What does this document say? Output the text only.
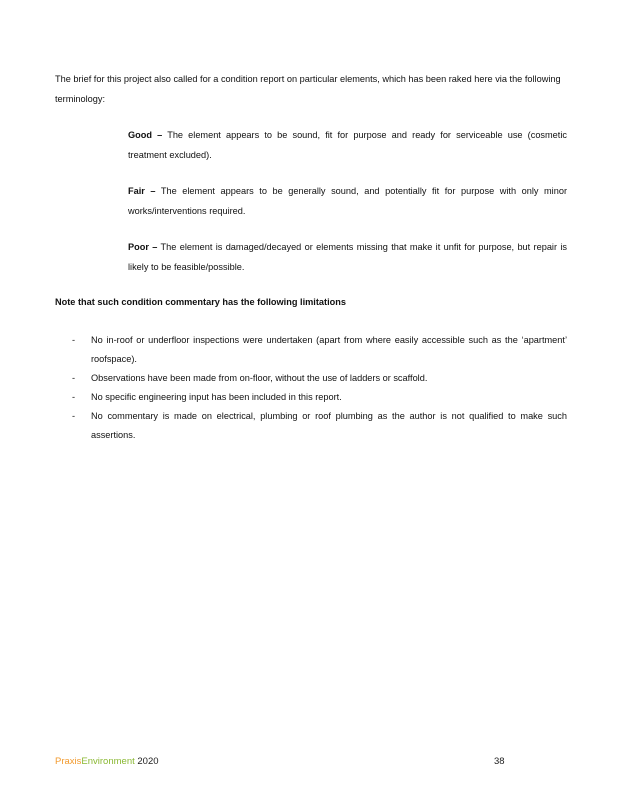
The brief for this project also called for a condition report on particular elements, which has been raked here via the following terminology:

Good – The element appears to be sound, fit for purpose and ready for serviceable use (cosmetic treatment excluded).

Fair – The element appears to be generally sound, and potentially fit for purpose with only minor works/interventions required.

Poor – The element is damaged/decayed or elements missing that make it unfit for purpose, but repair is likely to be feasible/possible.

Note that such condition commentary has the following limitations

- No in-roof or underfloor inspections were undertaken (apart from where easily accessible such as the ‘apartment’ roofspace).
- Observations have been made from on-floor, without the use of ladders or scaffold.
- No specific engineering input has been included in this report.
- No commentary is made on electrical, plumbing or roof plumbing as the author is not qualified to make such assertions.
PraxisEnvironment 2020	38
